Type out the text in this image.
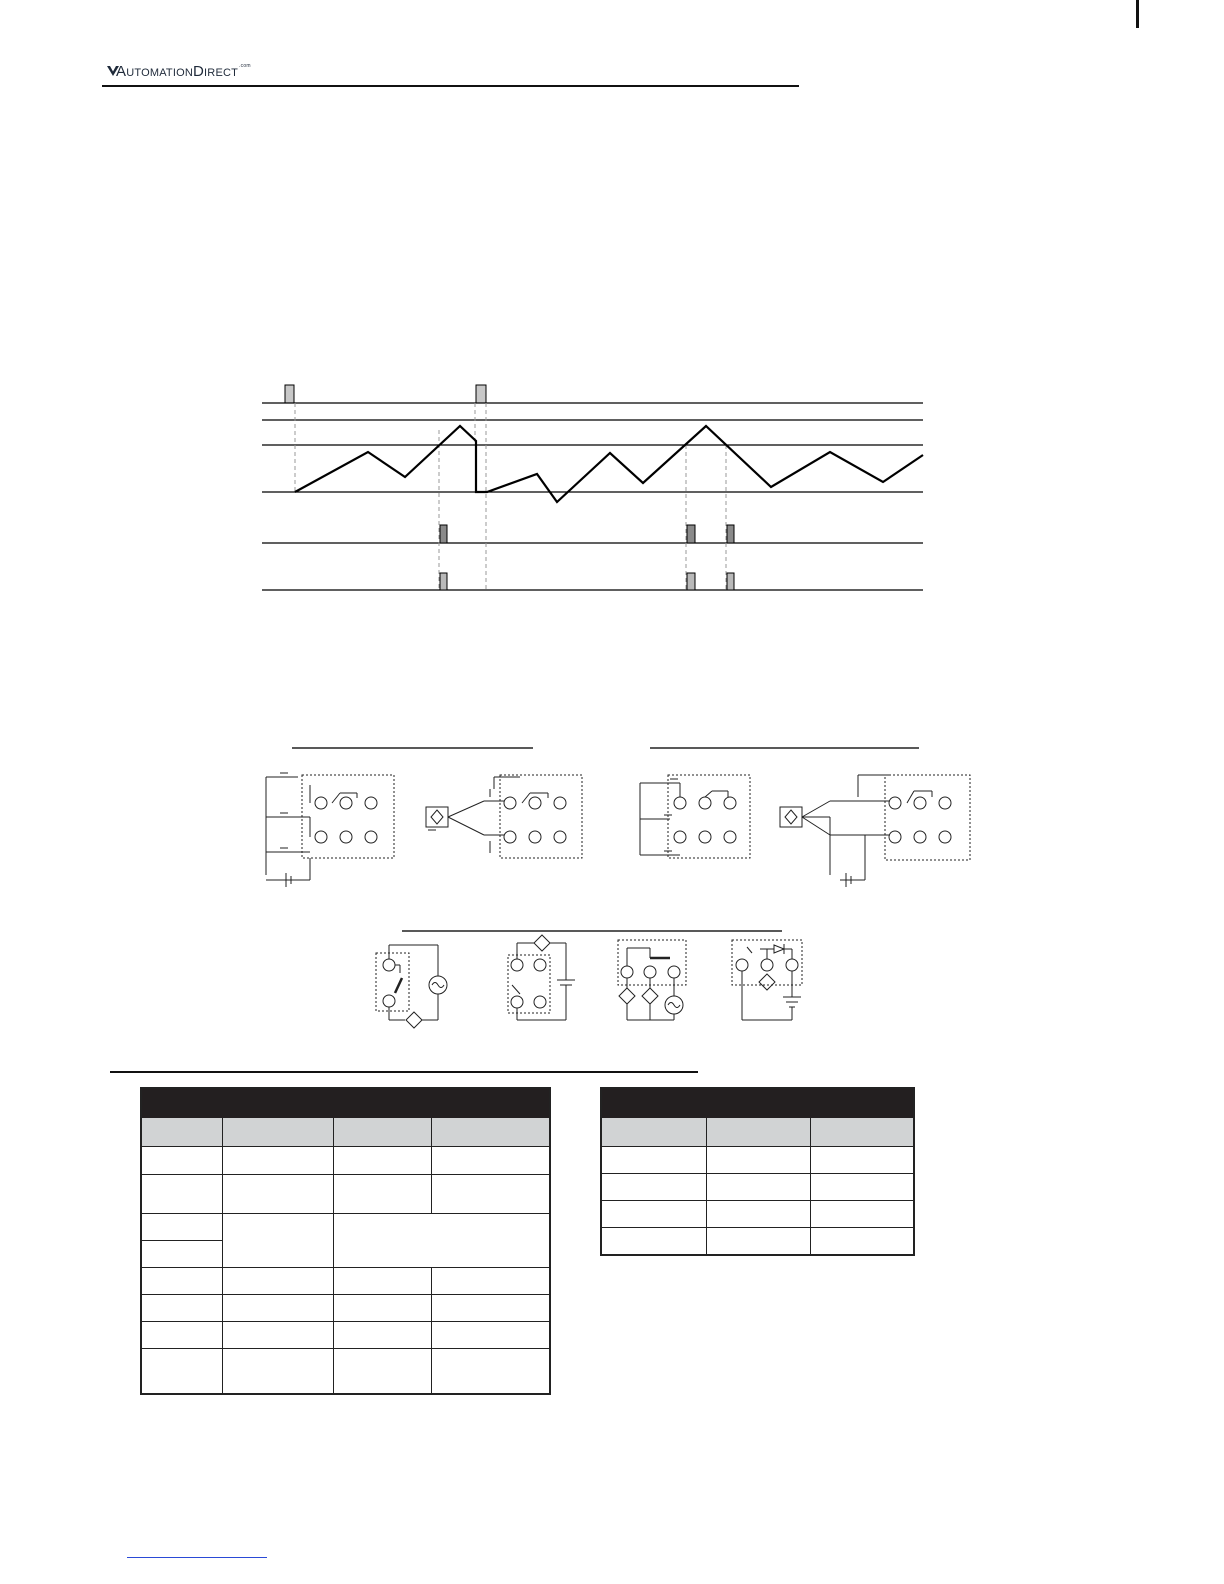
$AUTOMATIONDIRECT^{.com}$
